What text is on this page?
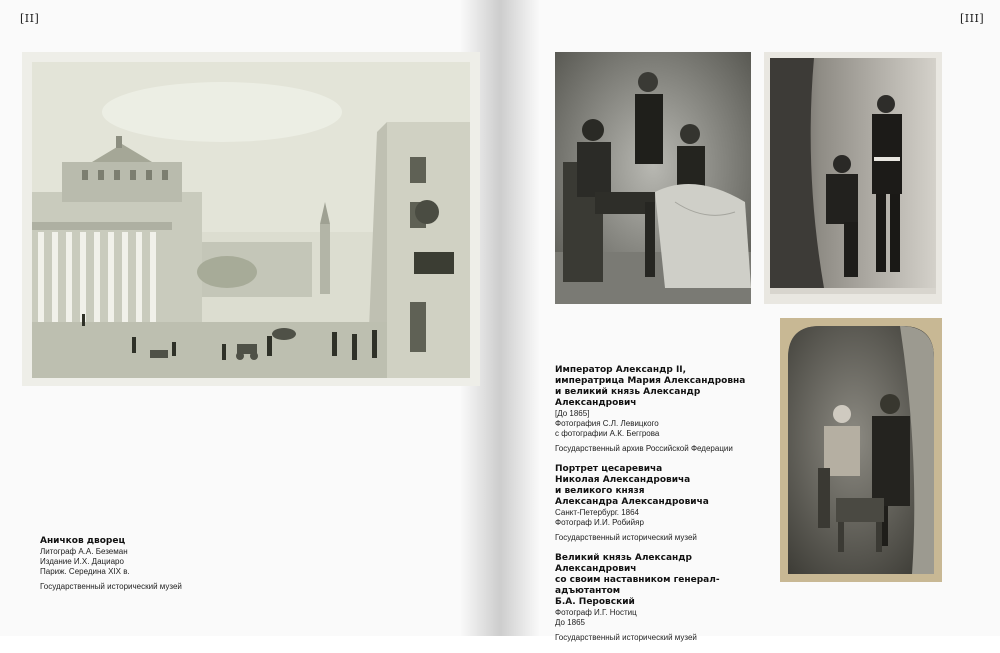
[II]
Аничков дворец
Литограф А.А. Беземан
Издание И.Х. Дациаро
Париж. Середина XIX в.
Государственный исторический музей
[III]
Император Александр II,
императрица Мария Александровна
и великий князь Александр Александрович
[До 1865]
Фотография С.Л. Левицкого
с фотографии А.К. Беггрова
Государственный архив Российской Федерации
Портрет цесаревича
Николая Александровича
и великого князя
Александра Александровича
Санкт-Петербург. 1864
Фотограф И.И. Робийяр
Государственный исторический музей
Великий князь Александр Александрович
со своим наставником генерал-адъютантом
Б.А. Перовский
Фотограф И.Г. Ностиц
До 1865
Государственный исторический музей
